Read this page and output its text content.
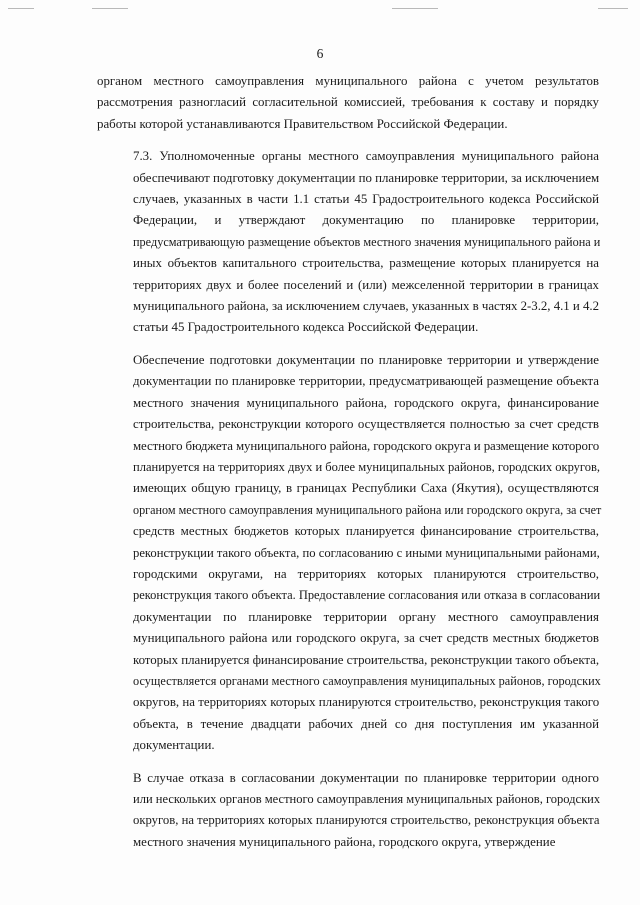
6

органом местного самоуправления муниципального района с учетом результатов
рассмотрения разногласий согласительной комиссией, требования к составу и порядку
работы которой устанавливаются Правительством Российской Федерации.

7.3. Уполномоченные органы местного самоуправления муниципального района
обеспечивают подготовку документации по планировке территории, за исключением
случаев, указанных в части 1.1 статьи 45 Градостроительного кодекса Российской
Федерации, и утверждают документацию по планировке территории,
предусматривающую размещение объектов местного значения муниципального района и
иных объектов капитального строительства, размещение которых планируется на
территориях двух и более поселений и (или) межселенной территории в границах
муниципального района, за исключением случаев, указанных в частях 2-3.2, 4.1 и 4.2
статьи 45 Градостроительного кодекса Российской Федерации.

Обеспечение подготовки документации по планировке территории и утверждение
документации по планировке территории, предусматривающей размещение объекта
местного значения муниципального района, городского округа, финансирование
строительства, реконструкции которого осуществляется полностью за счет средств
местного бюджета муниципального района, городского округа и размещение которого
планируется на территориях двух и более муниципальных районов, городских округов,
имеющих общую границу, в границах Республики Саха (Якутия), осуществляются
органом местного самоуправления муниципального района или городского округа, за счет
средств местных бюджетов которых планируется финансирование строительства,
реконструкции такого объекта, по согласованию с иными муниципальными районами,
городскими округами, на территориях которых планируются строительство,
реконструкция такого объекта. Предоставление согласования или отказа в согласовании
документации по планировке территории органу местного самоуправления
муниципального района или городского округа, за счет средств местных бюджетов
которых планируется финансирование строительства, реконструкции такого объекта,
осуществляется органами местного самоуправления муниципальных районов, городских
округов, на территориях которых планируются строительство, реконструкция такого
объекта, в течение двадцати рабочих дней со дня поступления им указанной
документации.

В случае отказа в согласовании документации по планировке территории одного
или нескольких органов местного самоуправления муниципальных районов, городских
округов, на территориях которых планируются строительство, реконструкция объекта
местного значения муниципального района, городского округа, утверждение
